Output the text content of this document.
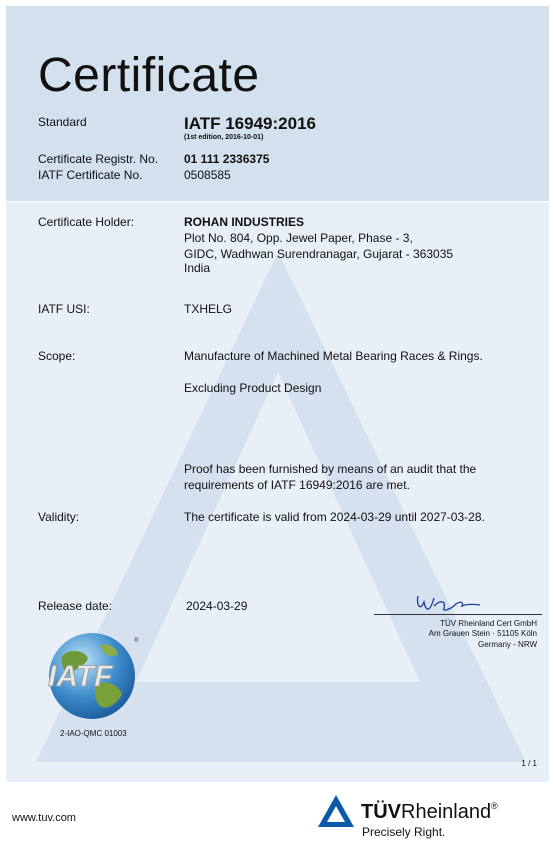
Certificate
Standard	IATF 16949:2016
(1st edition, 2016-10-01)
Certificate Registr. No. 01 111 2336375
IATF Certificate No.	0508585
Certificate Holder:	ROHAN INDUSTRIES
Plot No. 804, Opp. Jewel Paper, Phase - 3,
GIDC, Wadhwan Surendranagar, Gujarat - 363035
India
IATF USI:	TXHELG
Scope:	Manufacture of Machined Metal Bearing Races & Rings.
Excluding Product Design
Proof has been furnished by means of an audit that the
requirements of IATF 16949:2016 are met.
Validity:	The certificate is valid from 2024-03-29 until 2027-03-28.
Release date:	2024-03-29
TÜV Rheinland Cert GmbH
Am Grauen Stein · 51105 Köln
Germany - NRW
IATF
®
2-IAO-QMC 01003
1 / 1
www.tuv.com	TÜVRheinland®
Precisely Right.
